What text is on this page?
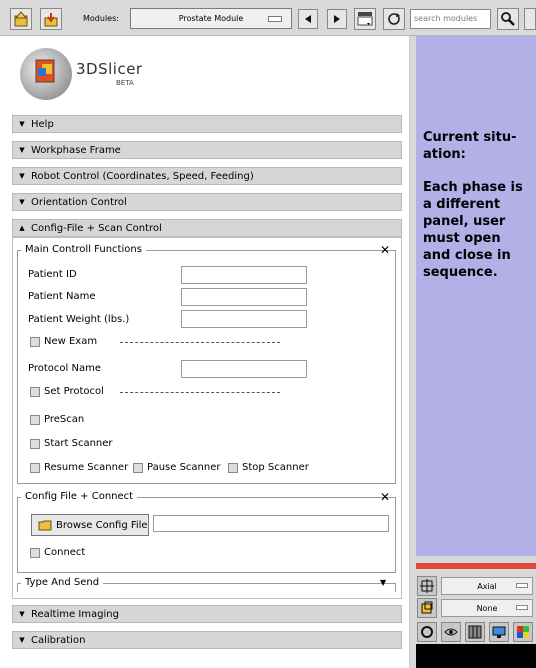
Modules:	Prostate Module	search modules
3DSlicer
BETA
▼ Help
▼ Workphase Frame
▼ Robot Control (Coordinates, Speed, Feeding)
▼ Orientation Control
▲ Config-File + Scan Control
Main Controll Functions	✕
Patient ID
Patient Name
Patient Weight (lbs.)
New Exam
Protocol Name
Set Protocol
PreScan
Start Scanner
Resume Scanner Pause Scanner Stop Scanner
Config File + Connect	✕
Browse Config File
Connect
Type And Send	▼
▼ Realtime Imaging
▼ Calibration

Current situ- ation:

Each phase is a different panel, user must open and close in sequence.

Axial
None
